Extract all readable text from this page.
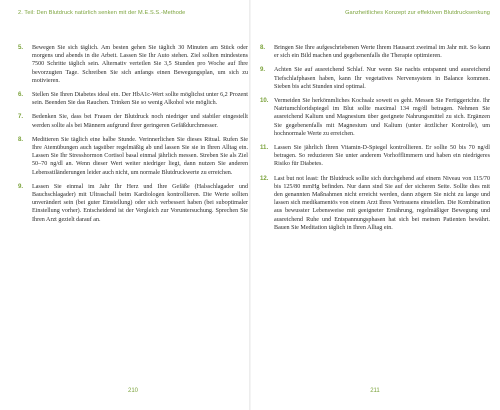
2. Teil: Den Blutdruck natürlich senken mit der M.E.S.S.-Methode
5. Bewegen Sie sich täglich. Am besten gehen Sie täglich 30 Minuten am Stück oder morgens und abends in die Arbeit. Lassen Sie Ihr Auto stehen. Ziel sollten mindestens 7500 Schritte täglich sein. Alternativ verteilen Sie 3,5 Stunden pro Woche auf Ihre bevorzugten Tage. Schreiben Sie sich anfangs einen Bewegungsplan, um sich zu motivieren.
6. Stellen Sie Ihren Diabetes ideal ein. Der HbA1c-Wert sollte möglichst unter 6,2 Prozent sein. Beenden Sie das Rauchen. Trinken Sie so wenig Alkohol wie möglich.
7. Bedenken Sie, dass bei Frauen der Blutdruck noch niedriger und stabiler eingestellt werden sollte als bei Männern aufgrund ihrer geringeren Gefäßdurchmesser.
8. Meditieren Sie täglich eine halbe Stunde. Verinnerlichen Sie dieses Ritual. Rufen Sie Ihre Atemübungen auch tagsüber regelmäßig ab und lassen Sie sie in Ihren Alltag ein. Lassen Sie Ihr Stresshormon Cortisol basal einmal jährlich messen. Streben Sie als Ziel 50–70 ng/dl an. Wenn dieser Wert weiter niedriger liegt, dann nutzen Sie anderen Lebensstiländerungen leider auch nicht, um normale Blutdruckwerte zu erreichen.
9. Lassen Sie einmal im Jahr Ihr Herz und Ihre Gefäße (Halsschlagader und Bauchschlagader) mit Ultraschall beim Kardiologen kontrollieren. Die Werte sollten unverändert sein (bei guter Einstellung) oder sich verbessert haben (bei suboptimaler Einstellung vorher). Entscheidend ist der Vergleich zur Voruntersuchung. Sprechen Sie Ihren Arzt gezielt darauf an.
210
Ganzheitliches Konzept zur effektiven Blutdrucksenkung
8. Bringen Sie Ihre aufgeschriebenen Werte Ihrem Hausarzt zweimal im Jahr mit. So kann er sich ein Bild machen und gegebenenfalls die Therapie optimieren.
9. Achten Sie auf ausreichend Schlaf. Nur wenn Sie nachts entspannt und ausreichend Tiefschlafphasen haben, kann Ihr vegetatives Nervensystem in Balance kommen. Sieben bis acht Stunden sind optimal.
10. Vermeiden Sie herkömmliches Kochsalz soweit es geht. Messen Sie Fertiggerichte. Ihr Natriumchloridspiegel im Blut sollte maximal 134 mg/dl betragen. Nehmen Sie ausreichend Kalium und Magnesium über geeignete Nahrungsmittel zu sich. Ergänzen Sie gegebenenfalls mit Magnesium und Kalium (unter ärztlicher Kontrolle), um hochnormale Werte zu erreichen.
11. Lassen Sie jährlich Ihren Vitamin-D-Spiegel kontrollieren. Er sollte 50 bis 70 ng/dl betragen. So reduzieren Sie unter anderem Vorhofflimmern und haben ein niedrigeres Risiko für Diabetes.
12. Last but not least: Ihr Blutdruck sollte sich durchgehend auf einem Niveau von 115/70 bis 125/80 mmHg befinden. Nur dann sind Sie auf der sicheren Seite. Sollte dies mit den genannten Maßnahmen nicht erreicht werden, dann zögern Sie nicht zu lange und lassen sich medikamentös von einem Arzt Ihres Vertrauens einstellen. Die Kombination aus bewusster Lebensweise mit geeigneter Ernährung, regelmäßiger Bewegung und ausreichend Ruhe und Entspannungsphasen hat sich bei meinen Patienten bewährt. Bauen Sie Meditation täglich in Ihren Alltag ein.
211
